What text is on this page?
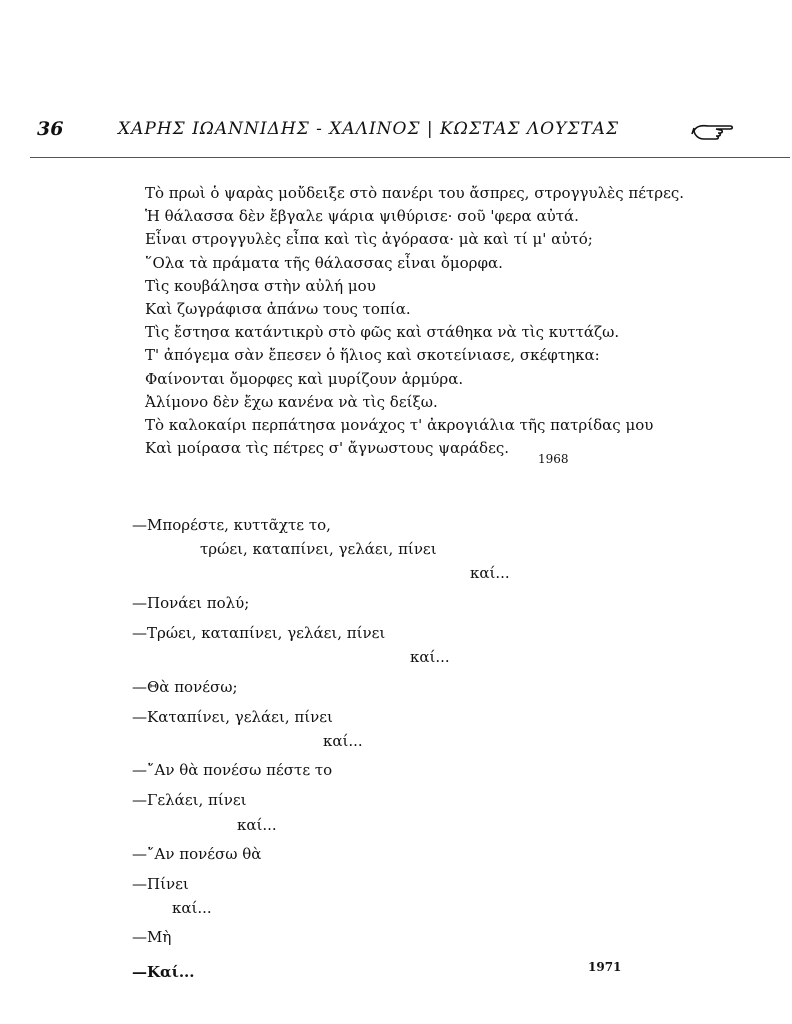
36	ΧΑΡΗΣ ΙΩΑΝΝΙΔΗΣ - ΧΑΛΙΝΟΣ | ΚΩΣΤΑΣ ΛΟΥΣΤΑΣ
Τὸ πρωὶ ὁ ψαρὰς μοὔδειξε στὸ πανέρι του ἄσπρες, στρογγυλὲς πέτρες.
Ἡ θάλασσα δὲν ἔβγαλε ψάρια ψιθύρισε· σοῦ 'φερα αὐτά.
Εἶναι στρογγυλὲς εἶπα καὶ τὶς ἀγόρασα· μὰ καὶ τί μ' αὐτό;
῞Ολα τὰ πράματα τῆς θάλασσας εἶναι ὄμορφα.
Τὶς κουβάλησα στὴν αὐλή μου
Καὶ ζωγράφισα ἀπάνω τους τοπία.
Τὶς ἔστησα κατάντικρὺ στὸ φῶς καὶ στάθηκα νὰ τὶς κυττάζω.
Τ' ἀπόγεμα σὰν ἔπεσεν ὁ ἥλιος καὶ σκοτείνιασε, σκέφτηκα:
Φαίνονται ὄμορφες καὶ μυρίζουν ἁρμύρα.
Ἀλίμονο δὲν ἔχω κανένα νὰ τὶς δείξω.
Τὸ καλοκαίρι περπάτησα μονάχος τ' ἀκρογιάλια τῆς πατρίδας μου
Καὶ μοίρασα τὶς πέτρες σ' ἄγνωστους ψαράδες.
1968
—Μπορέστε, κυττᾶχτε το,
τρώει, καταπίνει, γελάει, πίνει
καί...
—Πονάει πολύ;
—Τρώει, καταπίνει, γελάει, πίνει
καί...
—Θὰ πονέσω;
—Καταπίνει, γελάει, πίνει
καί...
—῎Αν θὰ πονέσω πέστε το
—Γελάει, πίνει
καί...
—῎Αν πονέσω θὰ
—Πίνει
καί...
—Μὴ
—Καί...	1971
